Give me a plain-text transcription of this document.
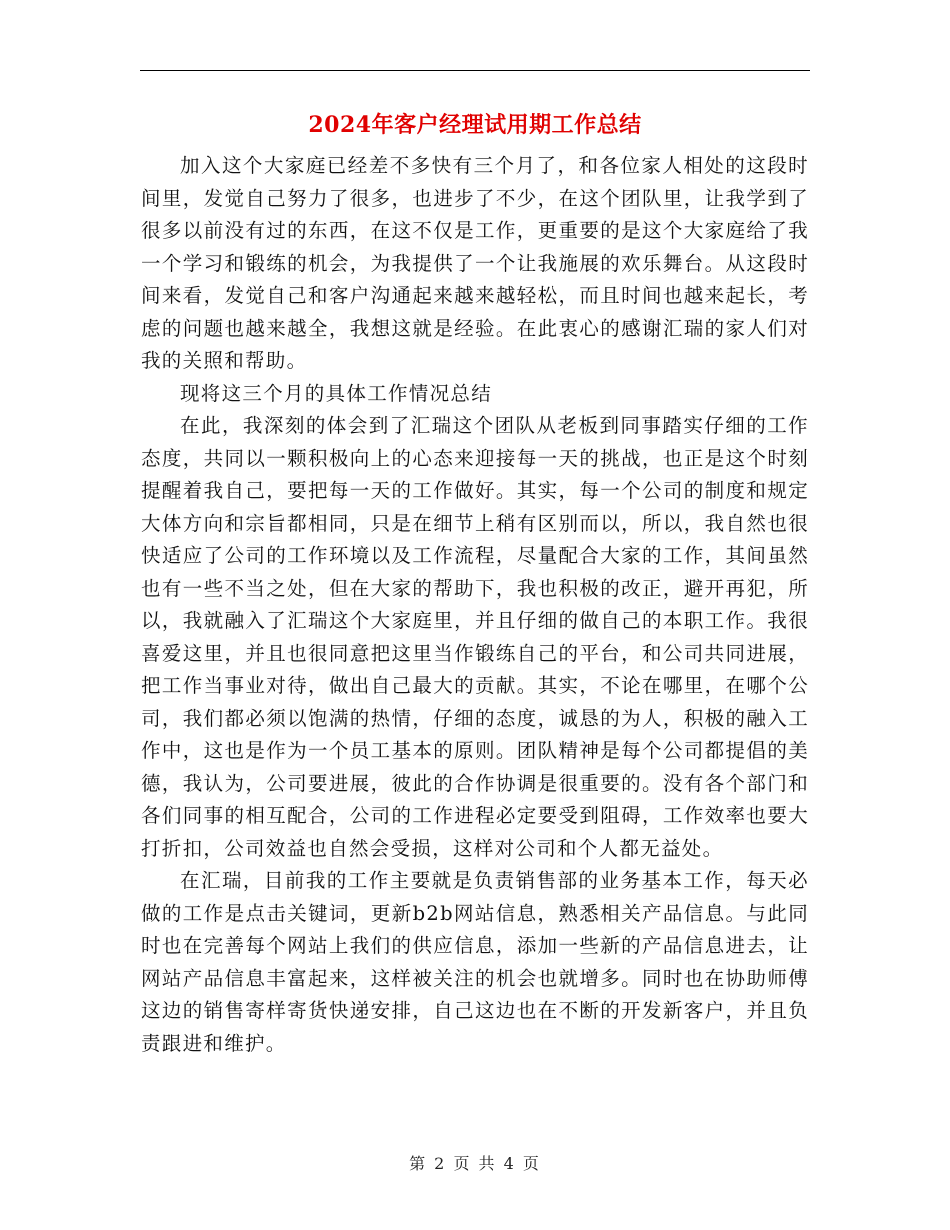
2024年客户经理试用期工作总结

加入这个大家庭已经差不多快有三个月了，和各位家人相处的这段时间里，发觉自己努力了很多，也进步了不少，在这个团队里，让我学到了很多以前没有过的东西，在这不仅是工作，更重要的是这个大家庭给了我一个学习和锻练的机会，为我提供了一个让我施展的欢乐舞台。从这段时间来看，发觉自己和客户沟通起来越来越轻松，而且时间也越来起长，考虑的问题也越来越全，我想这就是经验。在此衷心的感谢汇瑞的家人们对我的关照和帮助。

现将这三个月的具体工作情况总结

在此，我深刻的体会到了汇瑞这个团队从老板到同事踏实仔细的工作态度，共同以一颗积极向上的心态来迎接每一天的挑战，也正是这个时刻提醒着我自己，要把每一天的工作做好。其实，每一个公司的制度和规定大体方向和宗旨都相同，只是在细节上稍有区别而以，所以，我自然也很快适应了公司的工作环境以及工作流程，尽量配合大家的工作，其间虽然也有一些不当之处，但在大家的帮助下，我也积极的改正，避开再犯，所以，我就融入了汇瑞这个大家庭里，并且仔细的做自己的本职工作。我很喜爱这里，并且也很同意把这里当作锻练自己的平台，和公司共同进展，把工作当事业对待，做出自己最大的贡献。其实，不论在哪里，在哪个公司，我们都必须以饱满的热情，仔细的态度，诚恳的为人，积极的融入工作中，这也是作为一个员工基本的原则。团队精神是每个公司都提倡的美德，我认为，公司要进展，彼此的合作协调是很重要的。没有各个部门和各们同事的相互配合，公司的工作进程必定要受到阻碍，工作效率也要大打折扣，公司效益也自然会受损，这样对公司和个人都无益处。

在汇瑞，目前我的工作主要就是负责销售部的业务基本工作，每天必做的工作是点击关键词，更新b2b网站信息，熟悉相关产品信息。与此同时也在完善每个网站上我们的供应信息，添加一些新的产品信息进去，让网站产品信息丰富起来，这样被关注的机会也就增多。同时也在协助师傅这边的销售寄样寄货快递安排，自己这边也在不断的开发新客户，并且负责跟进和维护。

第 2 页 共 4 页
